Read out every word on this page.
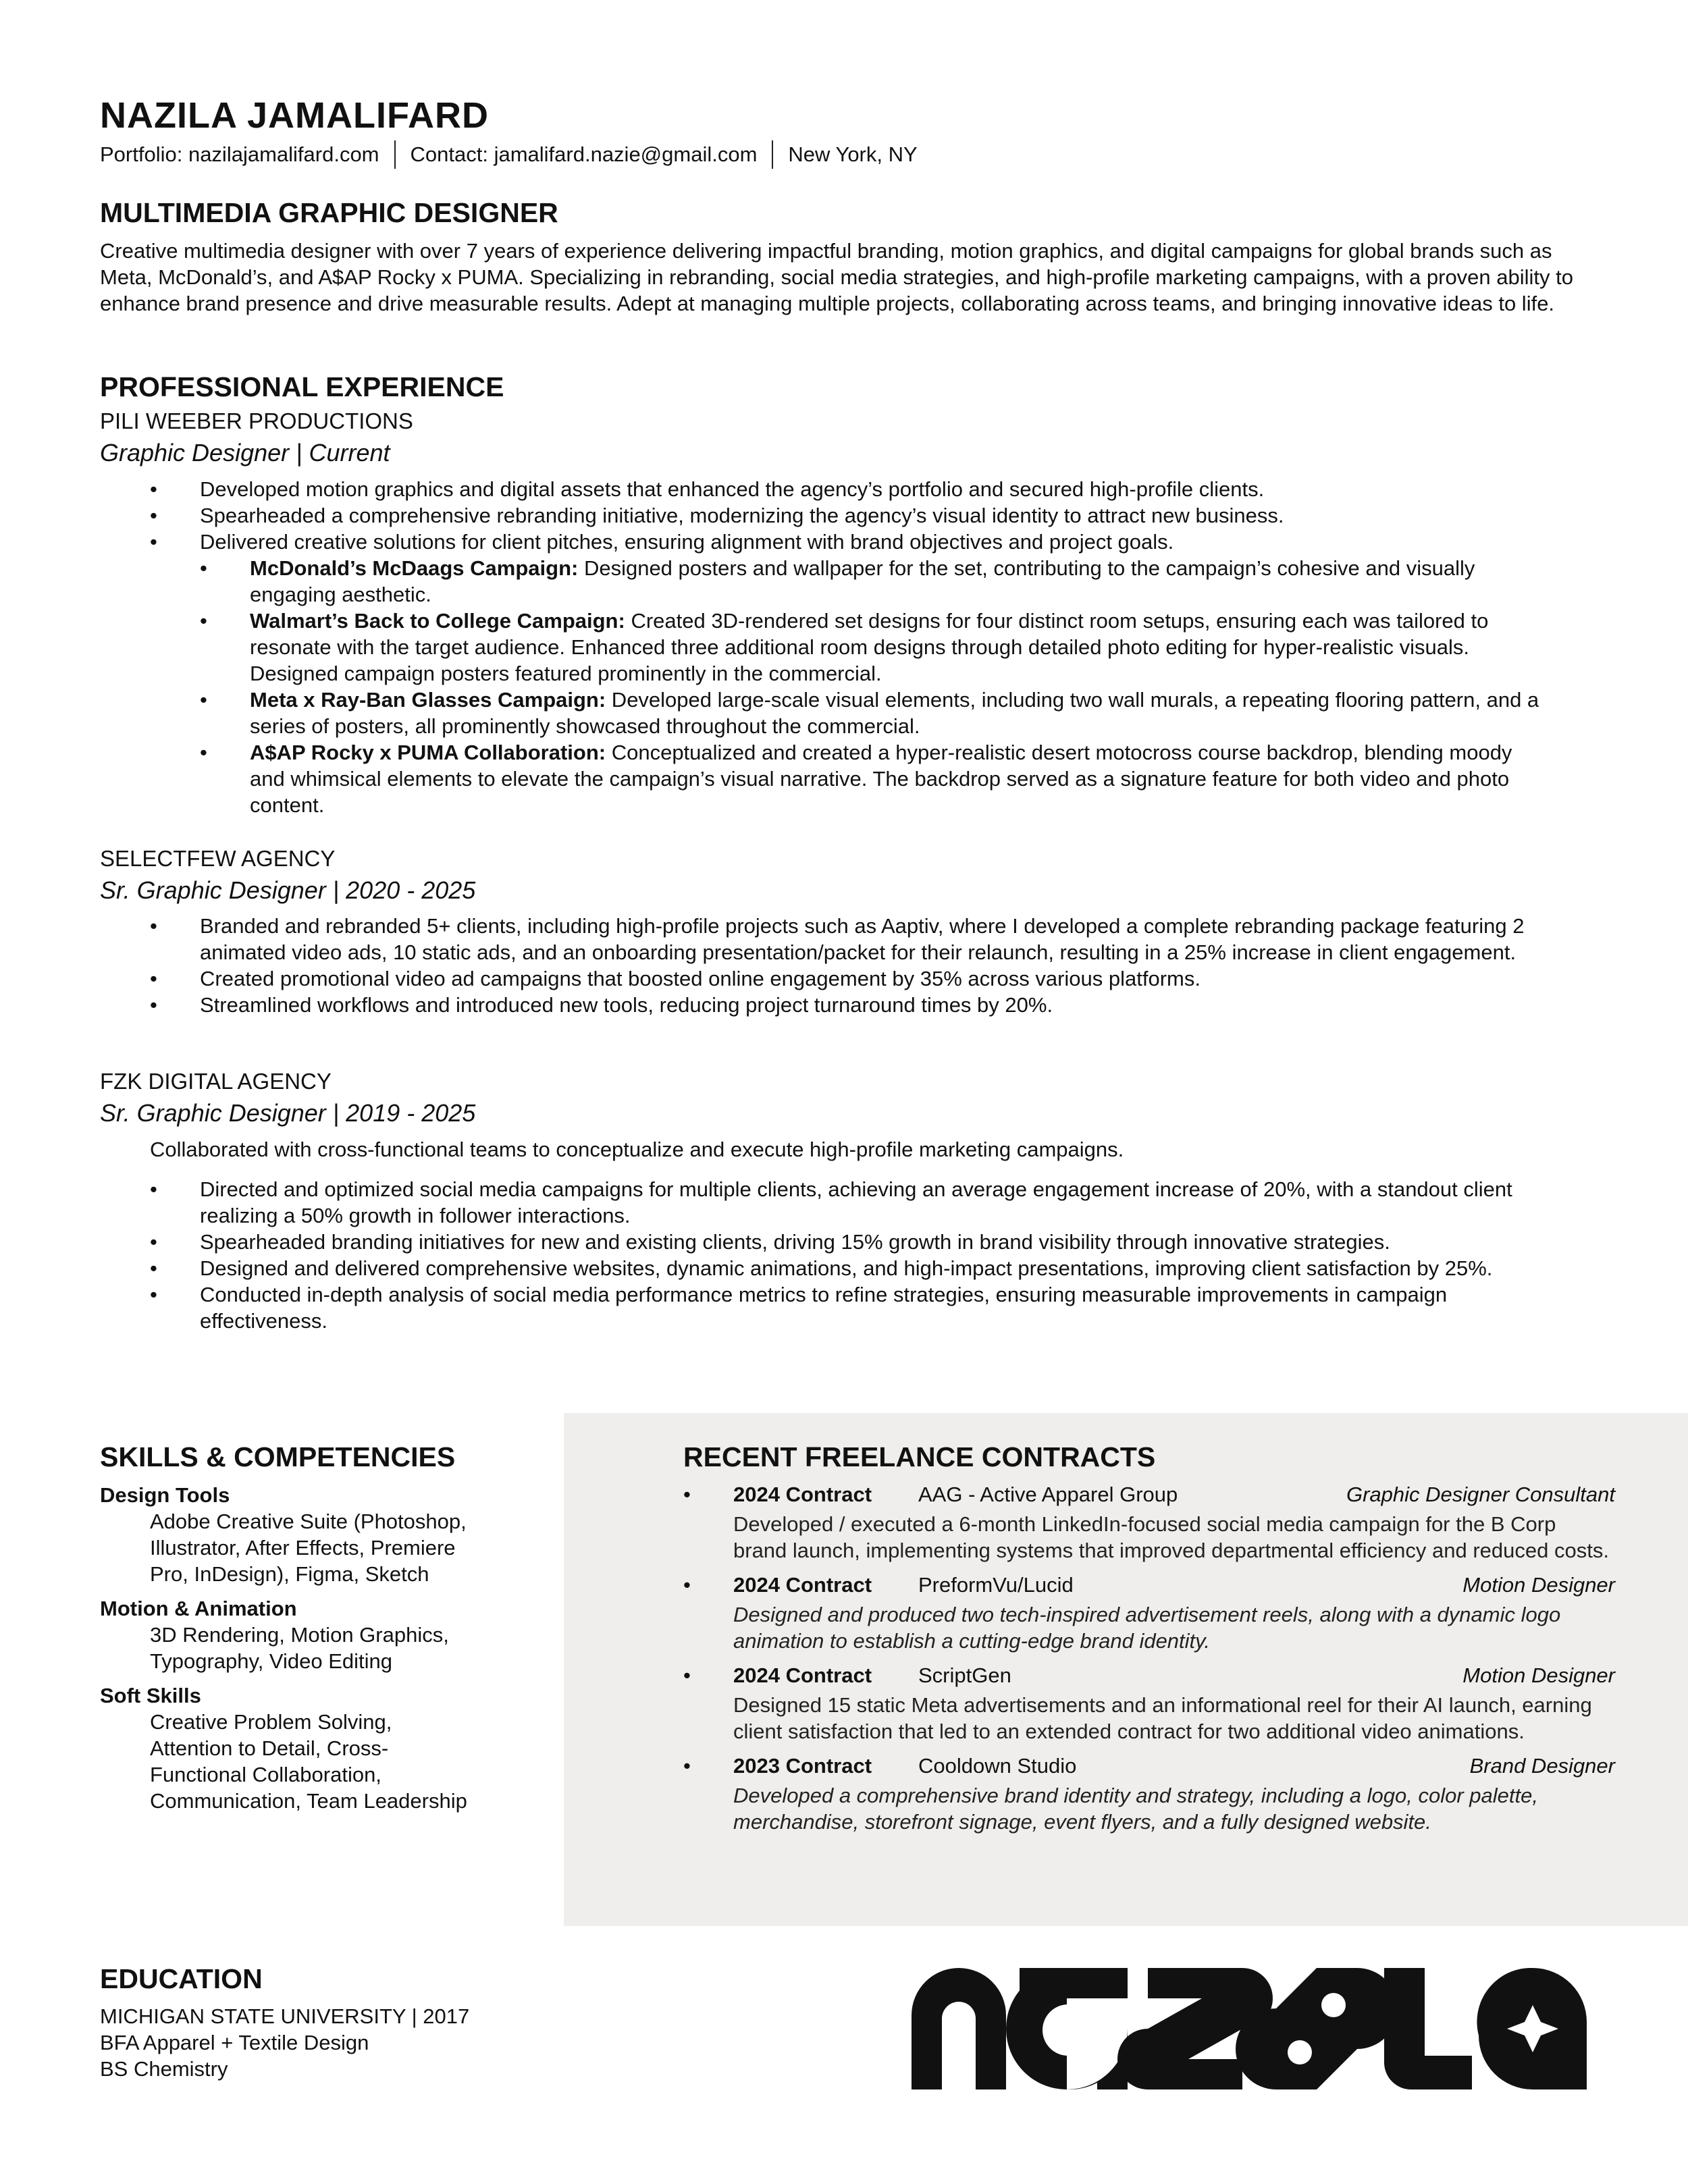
NAZILA JAMALIFARD
Portfolio: nazilajamalifard.com Contact: jamalifard.nazie@gmail.com New York, NY
MULTIMEDIA GRAPHIC DESIGNER
Creative multimedia designer with over 7 years of experience delivering impactful branding, motion graphics, and digital campaigns for global brands such as Meta, McDonald’s, and A$AP Rocky x PUMA. Specializing in rebranding, social media strategies, and high-profile marketing campaigns, with a proven ability to enhance brand presence and drive measurable results. Adept at managing multiple projects, collaborating across teams, and bringing innovative ideas to life.
PROFESSIONAL EXPERIENCE
PILI WEEBER PRODUCTIONS
Graphic Designer | Current
• Developed motion graphics and digital assets that enhanced the agency’s portfolio and secured high-profile clients.
• Spearheaded a comprehensive rebranding initiative, modernizing the agency’s visual identity to attract new business.
• Delivered creative solutions for client pitches, ensuring alignment with brand objectives and project goals.
• McDonald’s McDaags Campaign: Designed posters and wallpaper for the set, contributing to the campaign’s cohesive and visually engaging aesthetic.
• Walmart’s Back to College Campaign: Created 3D-rendered set designs for four distinct room setups, ensuring each was tailored to resonate with the target audience. Enhanced three additional room designs through detailed photo editing for hyper-realistic visuals. Designed campaign posters featured prominently in the commercial.
• Meta x Ray-Ban Glasses Campaign: Developed large-scale visual elements, including two wall murals, a repeating flooring pattern, and a series of posters, all prominently showcased throughout the commercial.
• A$AP Rocky x PUMA Collaboration: Conceptualized and created a hyper-realistic desert motocross course backdrop, blending moody and whimsical elements to elevate the campaign’s visual narrative. The backdrop served as a signature feature for both video and photo content.
SELECTFEW AGENCY
Sr. Graphic Designer | 2020 - 2025
• Branded and rebranded 5+ clients, including high-profile projects such as Aaptiv, where I developed a complete rebranding package featuring 2 animated video ads, 10 static ads, and an onboarding presentation/packet for their relaunch, resulting in a 25% increase in client engagement.
• Created promotional video ad campaigns that boosted online engagement by 35% across various platforms.
• Streamlined workflows and introduced new tools, reducing project turnaround times by 20%.
FZK DIGITAL AGENCY
Sr. Graphic Designer | 2019 - 2025
Collaborated with cross-functional teams to conceptualize and execute high-profile marketing campaigns.
• Directed and optimized social media campaigns for multiple clients, achieving an average engagement increase of 20%, with a standout client realizing a 50% growth in follower interactions.
• Spearheaded branding initiatives for new and existing clients, driving 15% growth in brand visibility through innovative strategies.
• Designed and delivered comprehensive websites, dynamic animations, and high-impact presentations, improving client satisfaction by 25%.
• Conducted in-depth analysis of social media performance metrics to refine strategies, ensuring measurable improvements in campaign effectiveness.
SKILLS & COMPETENCIES
Design Tools
Adobe Creative Suite (Photoshop, Illustrator, After Effects, Premiere Pro, InDesign), Figma, Sketch
Motion & Animation
3D Rendering, Motion Graphics, Typography, Video Editing
Soft Skills
Creative Problem Solving, Attention to Detail, Cross-Functional Collaboration, Communication, Team Leadership
RECENT FREELANCE CONTRACTS
• 2024 Contract AAG - Active Apparel Group	Graphic Designer Consultant
Developed / executed a 6-month LinkedIn-focused social media campaign for the B Corp brand launch, implementing systems that improved departmental efficiency and reduced costs.
• 2024 Contract PreformVu/Lucid	Motion Designer
Designed and produced two tech-inspired advertisement reels, along with a dynamic logo animation to establish a cutting-edge brand identity.
• 2024 Contract ScriptGen	Motion Designer
Designed 15 static Meta advertisements and an informational reel for their AI launch, earning client satisfaction that led to an extended contract for two additional video animations.
• 2023 Contract Cooldown Studio	Brand Designer
Developed a comprehensive brand identity and strategy, including a logo, color palette, merchandise, storefront signage, event flyers, and a fully designed website.
EDUCATION
MICHIGAN STATE UNIVERSITY | 2017
BFA Apparel + Textile Design
BS Chemistry
